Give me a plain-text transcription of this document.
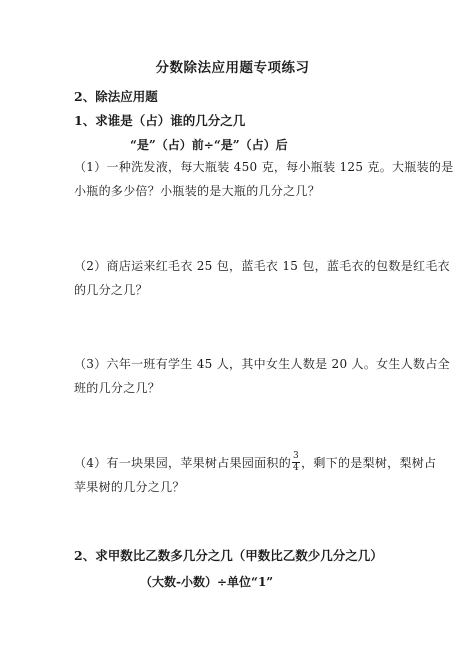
分数除法应用题专项练习
2、除法应用题
1、求谁是（占）谁的几分之几
“是”（占）前÷“是”（占）后
（1）一种洗发液，每大瓶装 450 克，每小瓶装 125 克。大瓶装的是
小瓶的多少倍？小瓶装的是大瓶的几分之几？
（2）商店运来红毛衣 25 包，蓝毛衣 15 包，蓝毛衣的包数是红毛衣
的几分之几？
（3）六年一班有学生 45 人，其中女生人数是 20 人。女生人数占全
班的几分之几？
（4）有一块果园，苹果树占果园面积的 $\frac{3}{4}$ ，剩下的是梨树，梨树占
苹果树的几分之几？
2、求甲数比乙数多几分之几（甲数比乙数少几分之几）
（大数-小数）÷单位“1”
